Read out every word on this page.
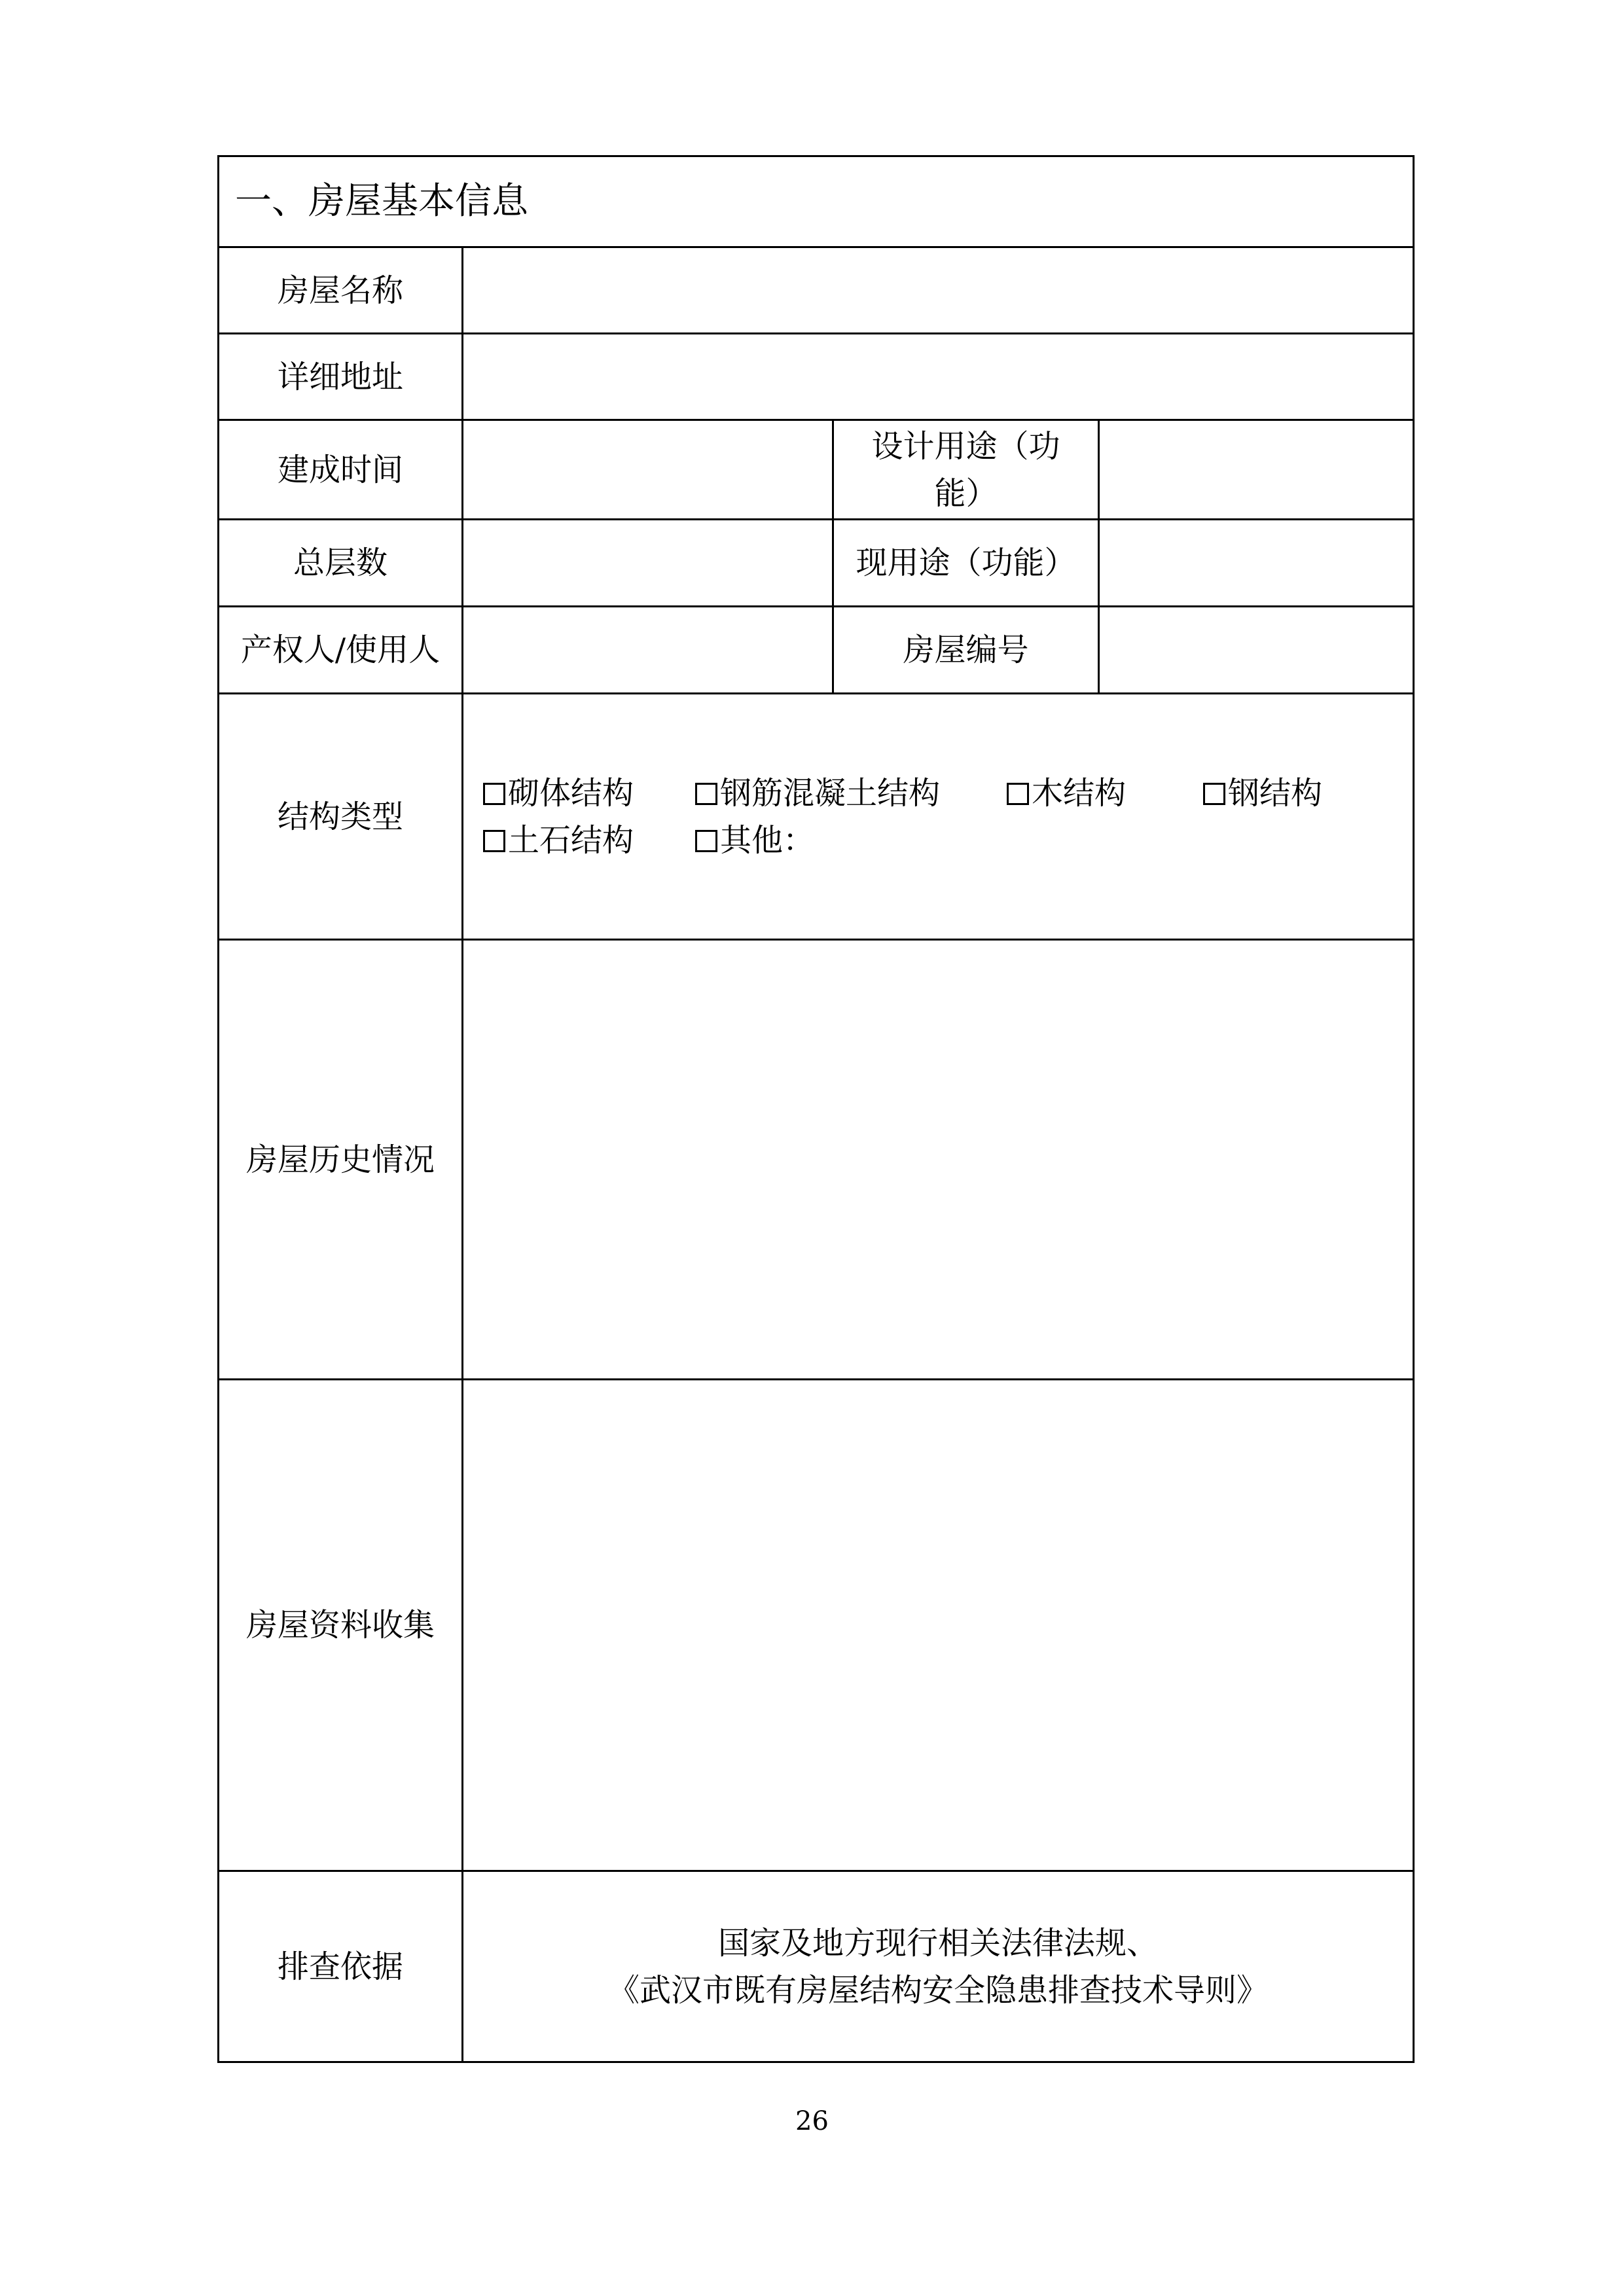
一、房屋基本信息			
房屋名称			
详细地址			
建成时间		设计用途（功能）	
总层数		现用途（功能）	
产权人/使用人		房屋编号	
结构类型	砌体结构 钢筋混凝土结构 木结构 钢结构
土石结构 其他：		

房屋历史情况			
房屋资料收集			
排查依据	国家及地方现行相关法律法规、
《武汉市既有房屋结构安全隐患排查技术导则》		
26
